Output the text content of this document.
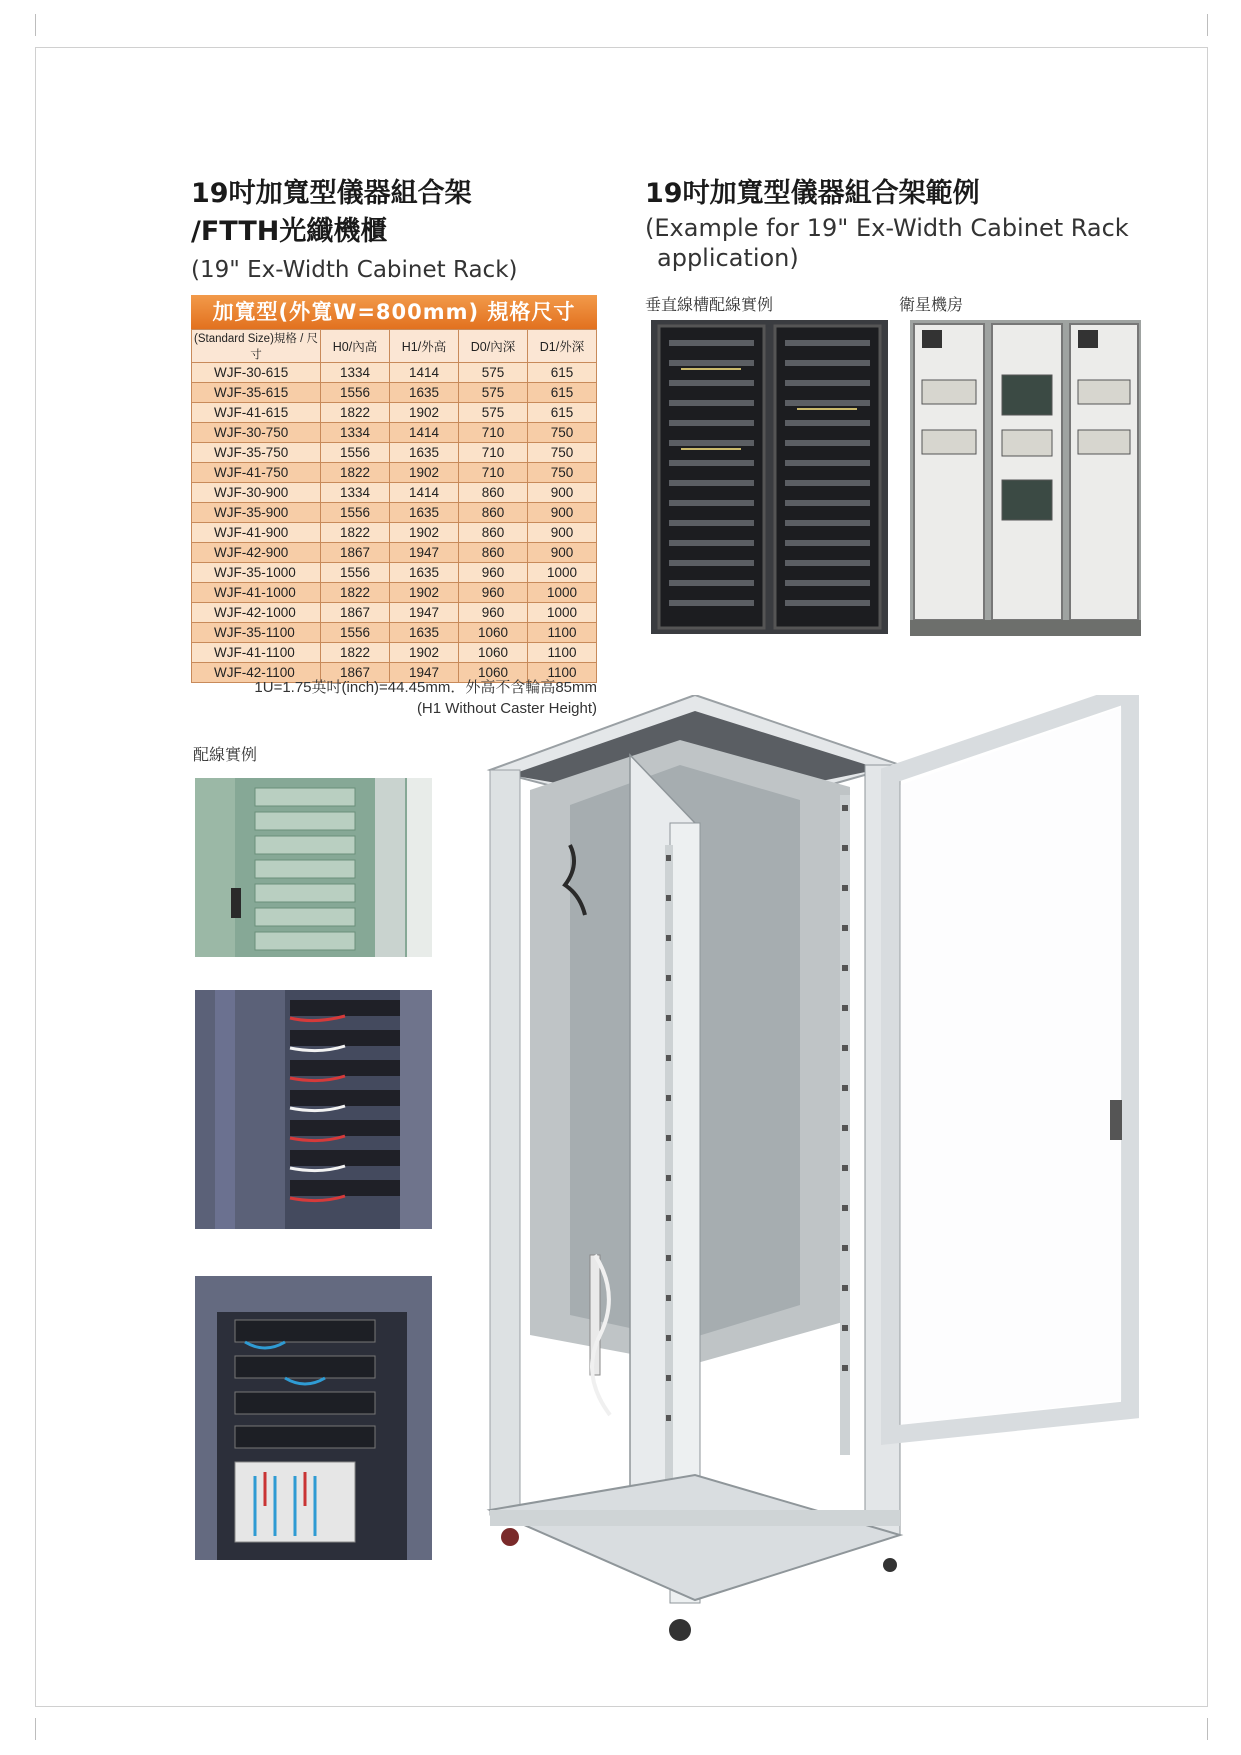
19吋加寬型儀器組合架

/FTTH光纖機櫃

(19" Ex-Width Cabinet Rack)

19吋加寬型儀器組合架範例

(Example for 19" Ex-Width Cabinet Rack

application)

加寬型(外寬W=800mm) 規格尺寸
(Standard Size)規格 / 尺寸	H0/內高	H1/外高	D0/內深	D1/外深
WJF-30-615	1334	1414	575	615
WJF-35-615	1556	1635	575	615
WJF-41-615	1822	1902	575	615
WJF-30-750	1334	1414	710	750
WJF-35-750	1556	1635	710	750
WJF-41-750	1822	1902	710	750
WJF-30-900	1334	1414	860	900
WJF-35-900	1556	1635	860	900
WJF-41-900	1822	1902	860	900
WJF-42-900	1867	1947	860	900
WJF-35-1000	1556	1635	960	1000
WJF-41-1000	1822	1902	960	1000
WJF-42-1000	1867	1947	960	1000
WJF-35-1100	1556	1635	1060	1100
WJF-41-1100	1822	1902	1060	1100
WJF-42-1100	1867	1947	1060	1100
1U=1.75英吋(inch)=44.45mm．外高不含輪高85mm
(H1 Without Caster Height)
垂直線槽配線實例	衛星機房
配線實例
